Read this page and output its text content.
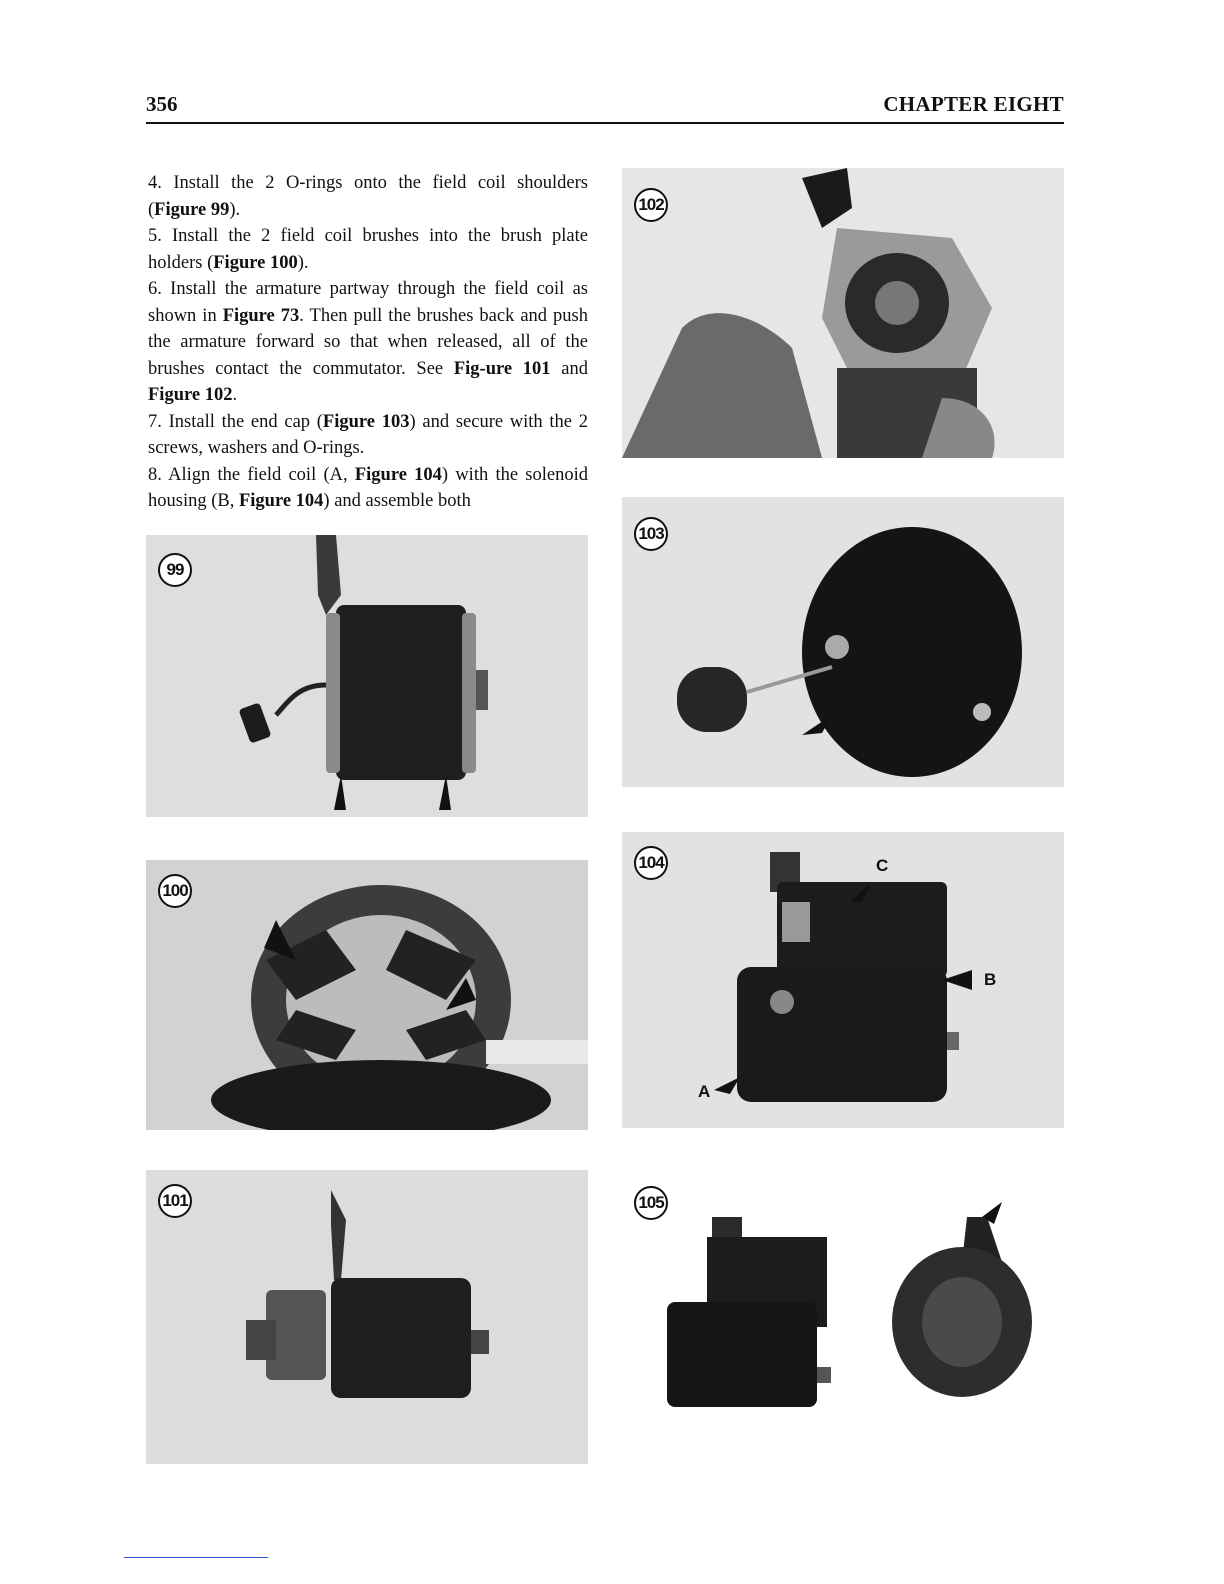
356	CHAPTER EIGHT

4. Install the 2 O-rings onto the field coil shoulders (Figure 99).

5. Install the 2 field coil brushes into the brush plate holders (Figure 100).

6. Install the armature partway through the field coil as shown in Figure 73. Then pull the brushes back and push the armature forward so that when released, all of the brushes contact the commutator. See Fig-ure 101 and Figure 102.

7. Install the end cap (Figure 103) and secure with the 2 screws, washers and O-rings.

8. Align the field coil (A, Figure 104) with the solenoid housing (B, Figure 104) and assemble both

99
100
101
102
103
104	C
B
A
105
